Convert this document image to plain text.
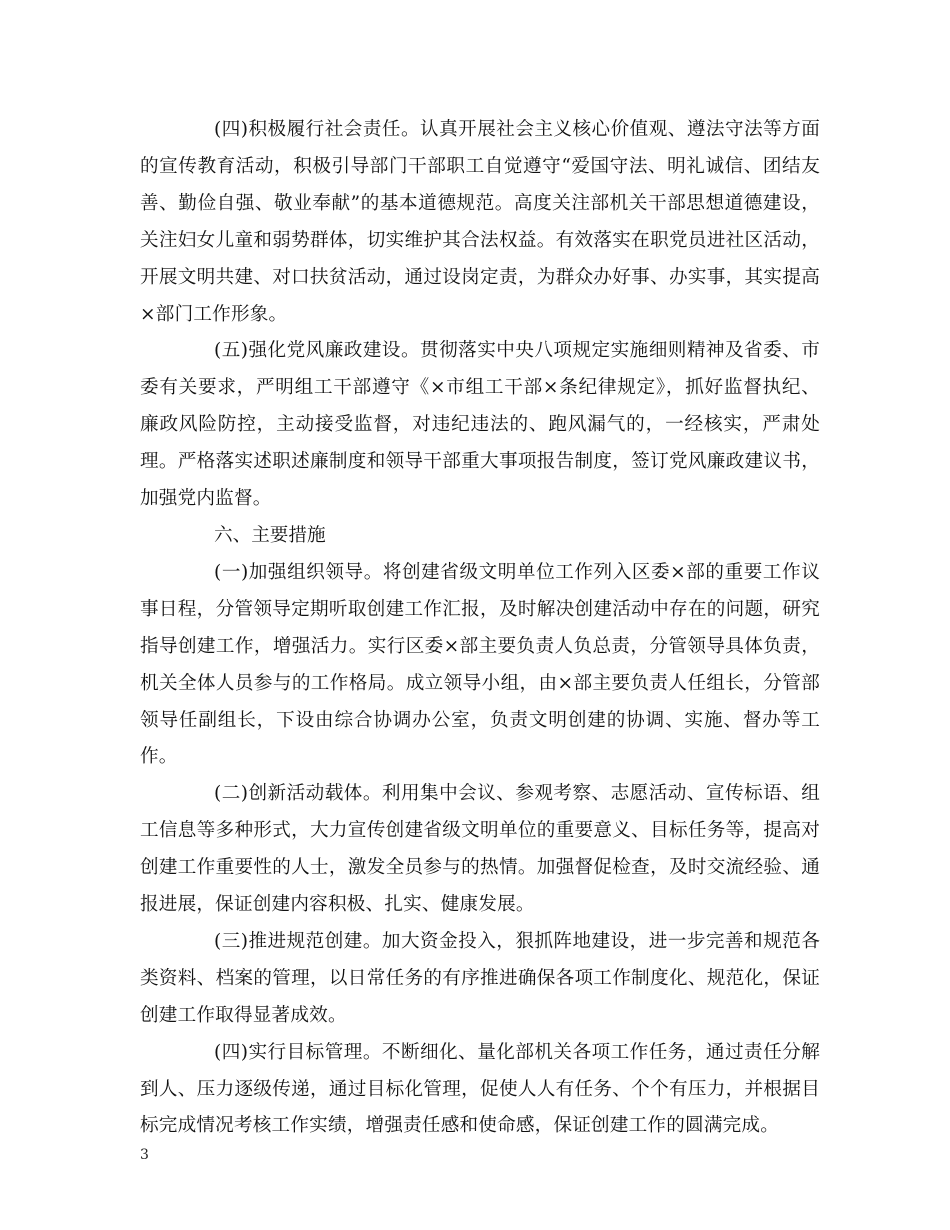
(四)积极履行社会责任。认真开展社会主义核心价值观、遵法守法等方面的宣传教育活动，积极引导部门干部职工自觉遵守“爱国守法、明礼诚信、团结友善、勤俭自强、敬业奉献”的基本道德规范。高度关注部机关干部思想道德建设，关注妇女儿童和弱势群体，切实维护其合法权益。有效落实在职党员进社区活动，开展文明共建、对口扶贫活动，通过设岗定责，为群众办好事、办实事，其实提高×部门工作形象。

(五)强化党风廉政建设。贯彻落实中央八项规定实施细则精神及省委、市委有关要求，严明组工干部遵守《×市组工干部×条纪律规定》，抓好监督执纪、廉政风险防控，主动接受监督，对违纪违法的、跑风漏气的，一经核实，严肃处理。严格落实述职述廉制度和领导干部重大事项报告制度，签订党风廉政建议书，加强党内监督。

六、主要措施

(一)加强组织领导。将创建省级文明单位工作列入区委×部的重要工作议事日程，分管领导定期听取创建工作汇报，及时解决创建活动中存在的问题，研究指导创建工作，增强活力。实行区委×部主要负责人负总责，分管领导具体负责，机关全体人员参与的工作格局。成立领导小组，由×部主要负责人任组长，分管部领导任副组长，下设由综合协调办公室，负责文明创建的协调、实施、督办等工作。

(二)创新活动载体。利用集中会议、参观考察、志愿活动、宣传标语、组工信息等多种形式，大力宣传创建省级文明单位的重要意义、目标任务等，提高对创建工作重要性的人士，激发全员参与的热情。加强督促检查，及时交流经验、通报进展，保证创建内容积极、扎实、健康发展。

(三)推进规范创建。加大资金投入，狠抓阵地建设，进一步完善和规范各类资料、档案的管理，以日常任务的有序推进确保各项工作制度化、规范化，保证创建工作取得显著成效。

(四)实行目标管理。不断细化、量化部机关各项工作任务，通过责任分解到人、压力逐级传递，通过目标化管理，促使人人有任务、个个有压力，并根据目标完成情况考核工作实绩，增强责任感和使命感，保证创建工作的圆满完成。

3
